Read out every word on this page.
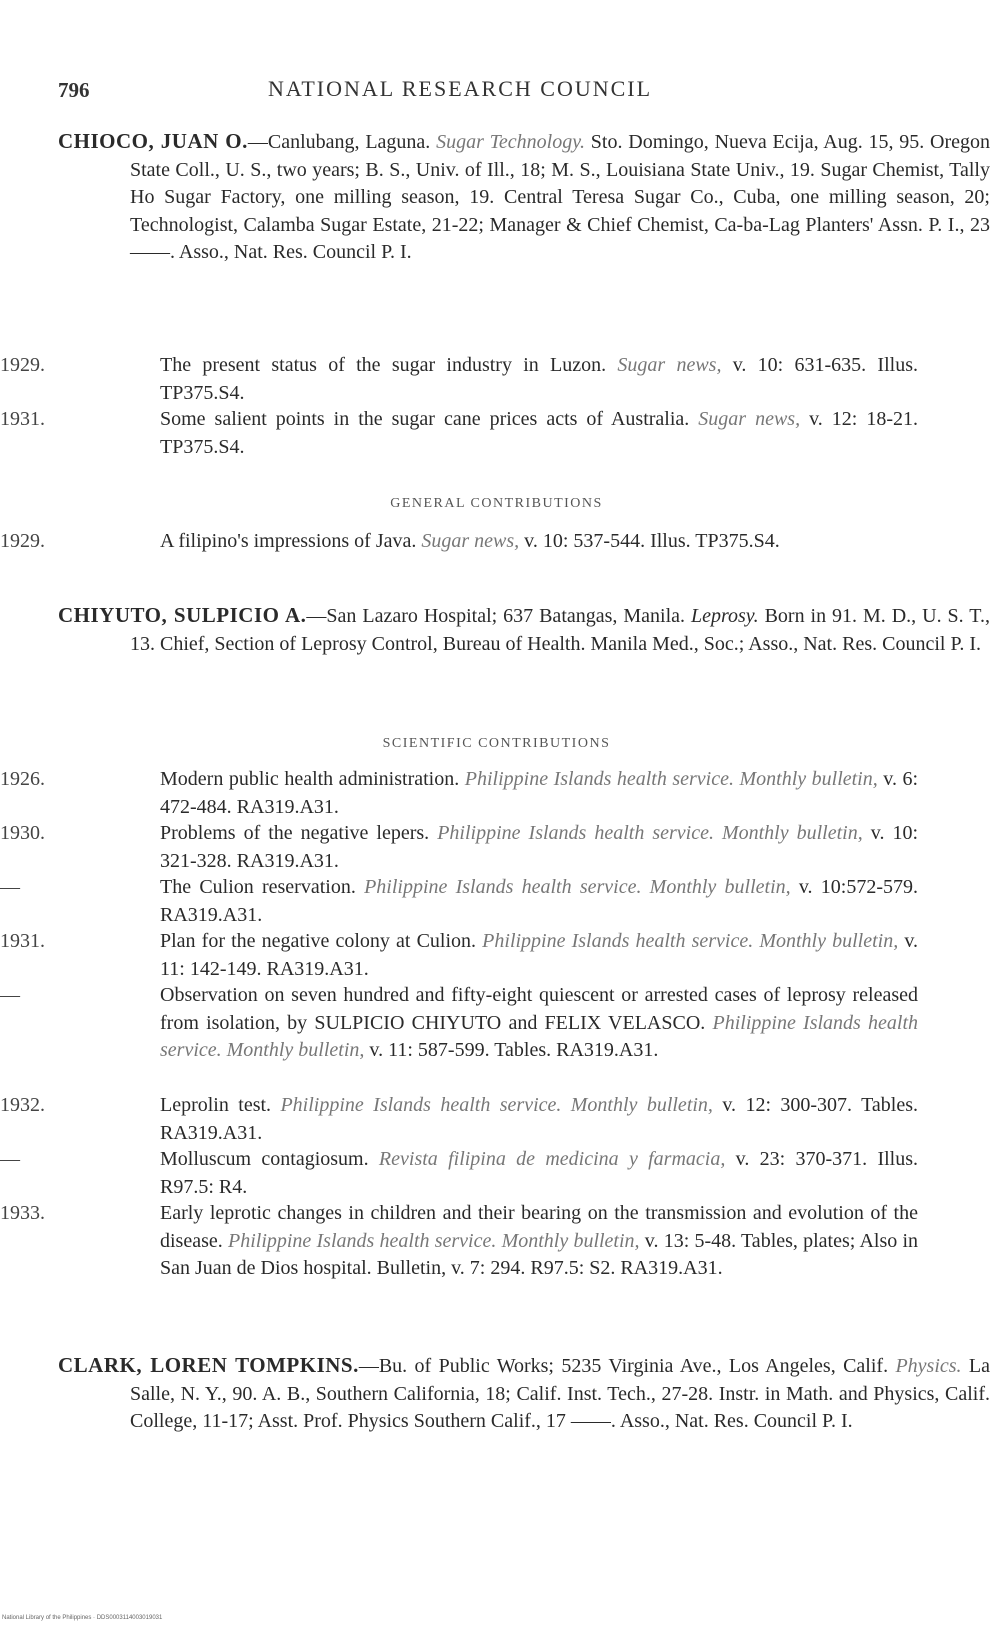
796	NATIONAL RESEARCH COUNCIL
CHIOCO, JUAN O.—Canlubang, Laguna. Sugar Technology. Sto. Domingo, Nueva Ecija, Aug. 15, 95. Oregon State Coll., U. S., two years; B. S., Univ. of Ill., 18; M. S., Louisiana State Univ., 19. Sugar Chemist, Tally Ho Sugar Factory, one milling season, 19. Central Teresa Sugar Co., Cuba, one milling season, 20; Technologist, Calamba Sugar Estate, 21-22; Manager & Chief Chemist, Ca-ba-Lag Planters' Assn. P. I., 23 ——. Asso., Nat. Res. Council P. I.
1929.	The present status of the sugar industry in Luzon. Sugar news, v. 10: 631-635. Illus. TP375.S4.
1931.	Some salient points in the sugar cane prices acts of Australia. Sugar news, v. 12: 18-21. TP375.S4.
GENERAL CONTRIBUTIONS
1929.	A filipino's impressions of Java. Sugar news, v. 10: 537-544. Illus. TP375.S4.
CHIYUTO, SULPICIO A.—San Lazaro Hospital; 637 Batangas, Manila. Leprosy. Born in 91. M. D., U. S. T., 13. Chief, Section of Leprosy Control, Bureau of Health. Manila Med., Soc.; Asso., Nat. Res. Council P. I.
SCIENTIFIC CONTRIBUTIONS
1926.	Modern public health administration. Philippine Islands health service. Monthly bulletin, v. 6: 472-484. RA319.A31.
1930.	Problems of the negative lepers. Philippine Islands health service. Monthly bulletin, v. 10: 321-328. RA319.A31.
—	The Culion reservation. Philippine Islands health service. Monthly bulletin, v. 10:572-579. RA319.A31.
1931.	Plan for the negative colony at Culion. Philippine Islands health service. Monthly bulletin, v. 11: 142-149. RA319.A31.
—	Observation on seven hundred and fifty-eight quiescent or arrested cases of leprosy released from isolation, by SULPICIO CHIYUTO and FELIX VELASCO. Philippine Islands health service. Monthly bulletin, v. 11: 587-599. Tables. RA319.A31.
1932.	Leprolin test. Philippine Islands health service. Monthly bulletin, v. 12: 300-307. Tables. RA319.A31.
—	Molluscum contagiosum. Revista filipina de medicina y farmacia, v. 23: 370-371. Illus. R97.5: R4.
1933.	Early leprotic changes in children and their bearing on the transmission and evolution of the disease. Philippine Islands health service. Monthly bulletin, v. 13: 5-48. Tables, plates; Also in San Juan de Dios hospital. Bulletin, v. 7: 294. R97.5: S2. RA319.A31.
CLARK, LOREN TOMPKINS.—Bu. of Public Works; 5235 Virginia Ave., Los Angeles, Calif. Physics. La Salle, N. Y., 90. A. B., Southern California, 18; Calif. Inst. Tech., 27-28. Instr. in Math. and Physics, Calif. College, 11-17; Asst. Prof. Physics Southern Calif., 17 ——. Asso., Nat. Res. Council P. I.
National Library of the Philippines · DDS0003114003019031
